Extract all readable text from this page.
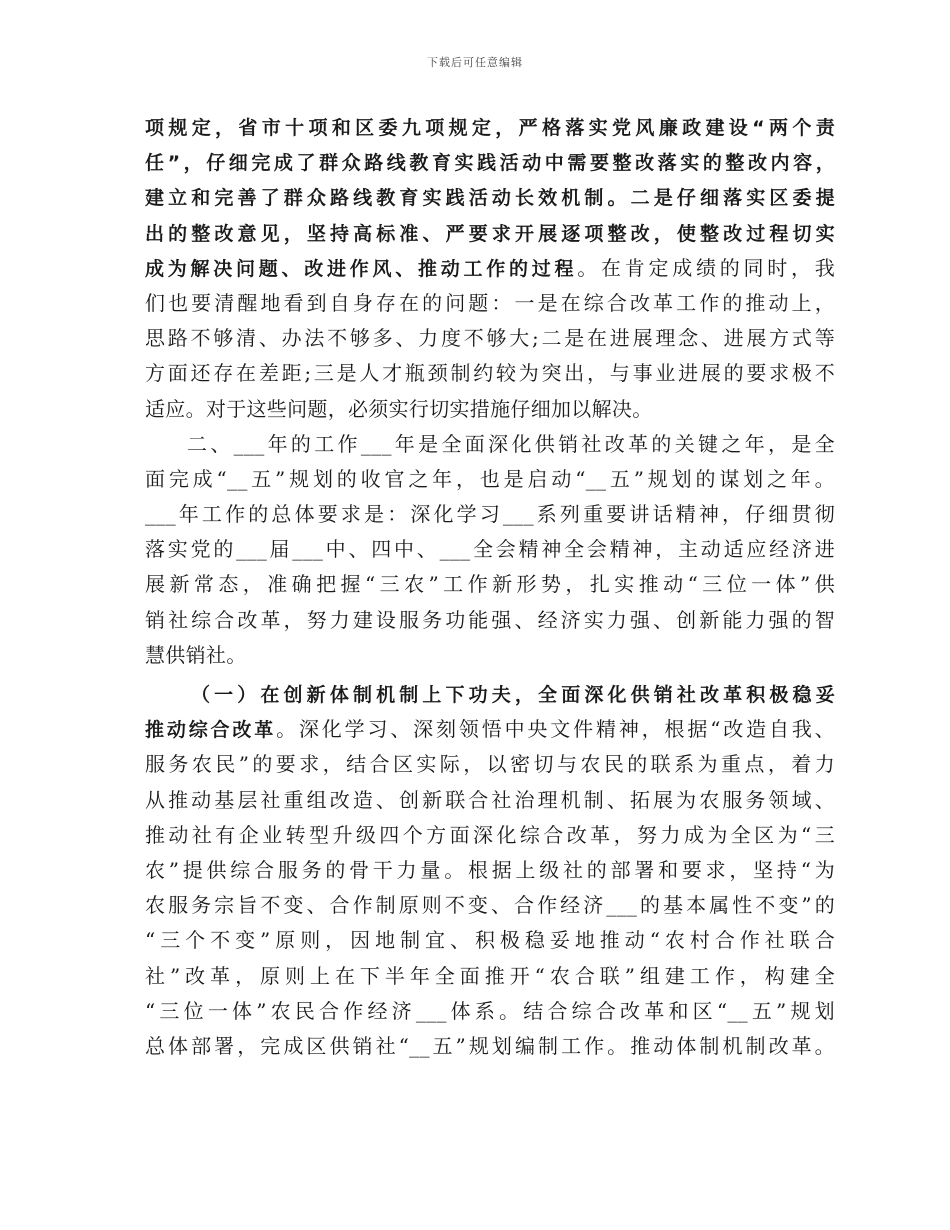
下载后可任意编辑
项规定，省市十项和区委九项规定，严格落实党风廉政建设“两个责
任”，仔细完成了群众路线教育实践活动中需要整改落实的整改内容，
建立和完善了群众路线教育实践活动长效机制。二是仔细落实区委提
出的整改意见，坚持高标准、严要求开展逐项整改，使整改过程切实
成为解决问题、改进作风、推动工作的过程。在肯定成绩的同时，我
们也要清醒地看到自身存在的问题：一是在综合改革工作的推动上，
思路不够清、办法不够多、力度不够大;二是在进展理念、进展方式等
方面还存在差距;三是人才瓶颈制约较为突出，与事业进展的要求极不
适应。对于这些问题，必须实行切实措施仔细加以解决。
二、___年的工作___年是全面深化供销社改革的关键之年，是全
面完成“__五”规划的收官之年，也是启动“__五”规划的谋划之年。
___年工作的总体要求是：深化学习___系列重要讲话精神，仔细贯彻
落实党的___届___中、四中、___全会精神全会精神，主动适应经济进
展新常态，准确把握“三农”工作新形势，扎实推动“三位一体”供
销社综合改革，努力建设服务功能强、经济实力强、创新能力强的智
慧供销社。
（一）在创新体制机制上下功夫，全面深化供销社改革积极稳妥
推动综合改革。深化学习、深刻领悟中央文件精神，根据“改造自我、
服务农民”的要求，结合区实际，以密切与农民的联系为重点，着力
从推动基层社重组改造、创新联合社治理机制、拓展为农服务领域、
推动社有企业转型升级四个方面深化综合改革，努力成为全区为“三
农”提供综合服务的骨干力量。根据上级社的部署和要求，坚持“为
农服务宗旨不变、合作制原则不变、合作经济___的基本属性不变”的
“三个不变”原则，因地制宜、积极稳妥地推动“农村合作社联合
社”改革，原则上在下半年全面推开“农合联”组建工作，构建全
“三位一体”农民合作经济___体系。结合综合改革和区“__五”规划
总体部署，完成区供销社“__五”规划编制工作。推动体制机制改革。
